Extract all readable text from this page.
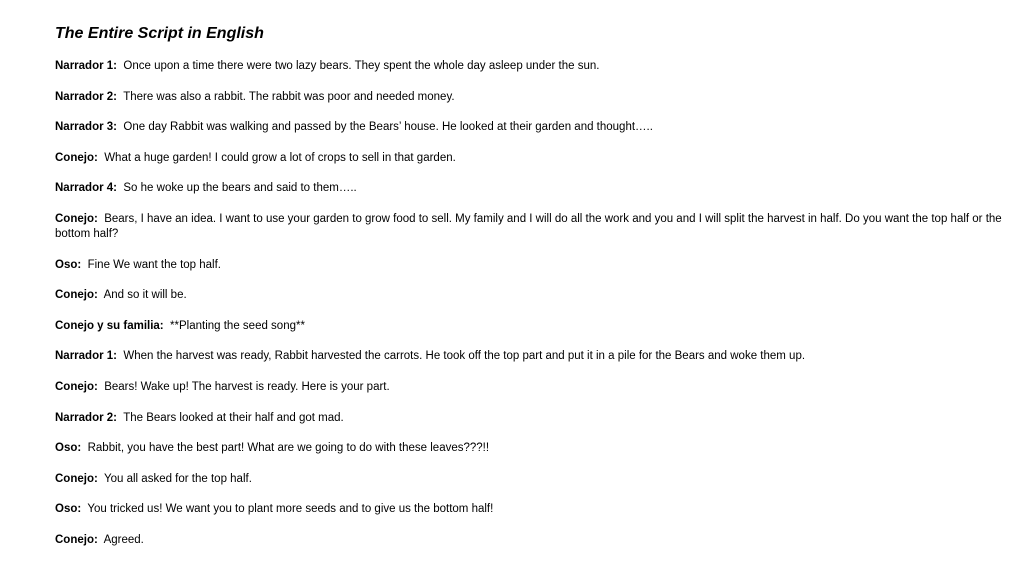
The Entire Script in English
Narrador 1: Once upon a time there were two lazy bears. They spent the whole day asleep under the sun.
Narrador 2: There was also a rabbit. The rabbit was poor and needed money.
Narrador 3: One day Rabbit was walking and passed by the Bears’ house. He looked at their garden and thought…..
Conejo: What a huge garden! I could grow a lot of crops to sell in that garden.
Narrador 4: So he woke up the bears and said to them…..
Conejo: Bears, I have an idea. I want to use your garden to grow food to sell. My family and I will do all the work and you and I will split the harvest in half. Do you want the top half or the bottom half?
Oso: Fine We want the top half.
Conejo: And so it will be.
Conejo y su familia: **Planting the seed song**
Narrador 1: When the harvest was ready, Rabbit harvested the carrots. He took off the top part and put it in a pile for the Bears and woke them up.
Conejo: Bears! Wake up! The harvest is ready. Here is your part.
Narrador 2: The Bears looked at their half and got mad.
Oso: Rabbit, you have the best part! What are we going to do with these leaves???!!
Conejo: You all asked for the top half.
Oso: You tricked us! We want you to plant more seeds and to give us the bottom half!
Conejo: Agreed.
